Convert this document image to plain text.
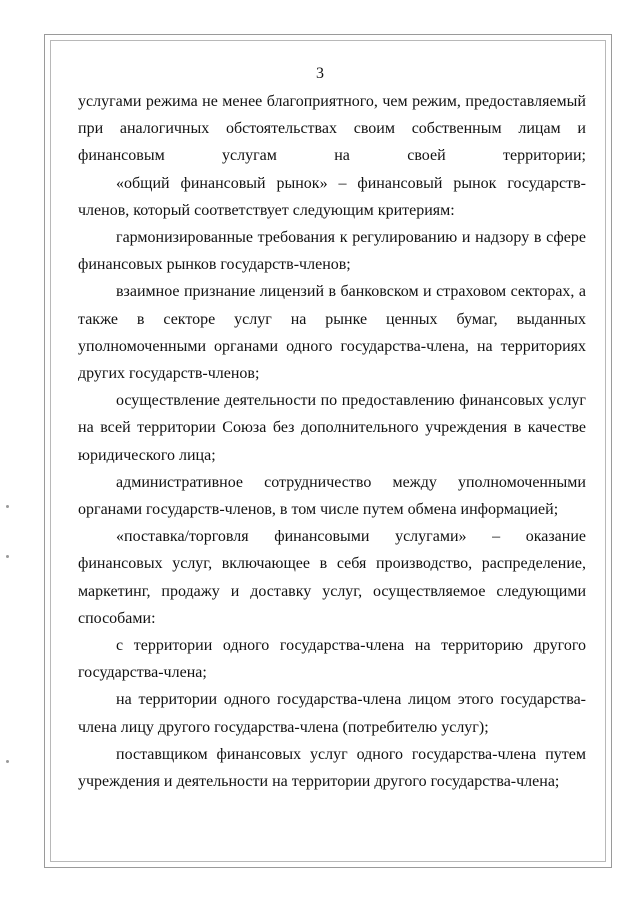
3

услугами режима не менее благоприятного, чем режим, предоставляемый при аналогичных обстоятельствах своим собственным лицам и финансовым услугам на своей территории;

«общий финансовый рынок» – финансовый рынок государств-членов, который соответствует следующим критериям:

гармонизированные требования к регулированию и надзору в сфере финансовых рынков государств-членов;

взаимное признание лицензий в банковском и страховом секторах, а также в секторе услуг на рынке ценных бумаг, выданных уполномоченными органами одного государства-члена, на территориях других государств-членов;

осуществление деятельности по предоставлению финансовых услуг на всей территории Союза без дополнительного учреждения в качестве юридического лица;

административное сотрудничество между уполномоченными органами государств-членов, в том числе путем обмена информацией;

«поставка/торговля финансовыми услугами» – оказание финансовых услуг, включающее в себя производство, распределение, маркетинг, продажу и доставку услуг, осуществляемое следующими способами:

с территории одного государства-члена на территорию другого государства-члена;

на территории одного государства-члена лицом этого государства-члена лицу другого государства-члена (потребителю услуг);

поставщиком финансовых услуг одного государства-члена путем учреждения и деятельности на территории другого государства-члена;
